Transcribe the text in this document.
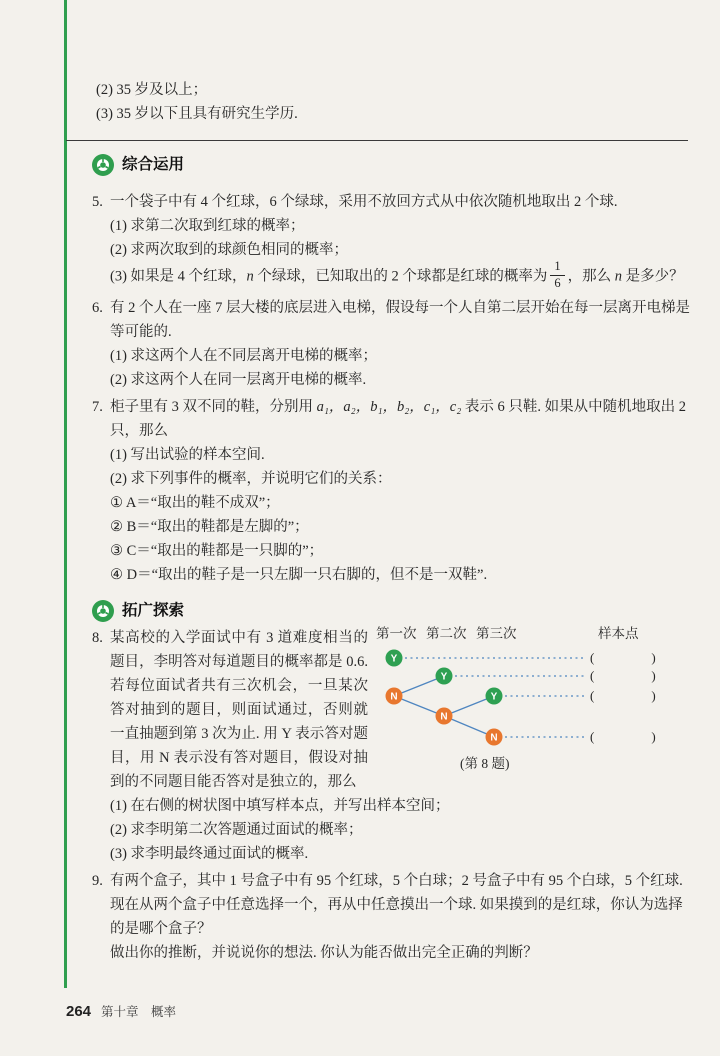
(2) 35 岁及以上；
(3) 35 岁以下且具有研究生学历.
综合运用
5. 一个袋子中有 4 个红球，6 个绿球，采用不放回方式从中依次随机地取出 2 个球.
(1) 求第二次取到红球的概率；
(2) 求两次取到的球颜色相同的概率；
(3) 如果是 4 个红球，n 个绿球，已知取出的 2 个球都是红球的概率为 $\frac{1}{6}$ ，那么 n 是多少？
6. 有 2 个人在一座 7 层大楼的底层进入电梯，假设每一个人自第二层开始在每一层离开电梯是等可能的.
(1) 求这两个人在不同层离开电梯的概率；
(2) 求这两个人在同一层离开电梯的概率.
7. 柜子里有 3 双不同的鞋，分别用 a₁，a₂，b₁，b₂，c₁，c₂ 表示 6 只鞋. 如果从中随机地取出 2 只，那么
(1) 写出试验的样本空间.
(2) 求下列事件的概率，并说明它们的关系：
① A＝“取出的鞋不成双”；
② B＝“取出的鞋都是左脚的”；
③ C＝“取出的鞋都是一只脚的”；
④ D＝“取出的鞋子是一只左脚一只右脚的，但不是一双鞋”.
拓广探索
8. 某高校的入学面试中有 3 道难度相当的题目，李明答对每道题目的概率都是 0.6. 若每位面试者共有三次机会，一旦某次答对抽到的题目，则面试通过，否则就一直抽题到第 3 次为止. 用 Y 表示答对题目，用 N 表示没有答对题目，假设对抽到的不同题目能否答对是独立的，那么
第一次 第二次 第三次	样本点
Y
N
Y
N
Y
N
(　　　　)
(　　　　)
(　　　　)
(　　　　)
(第 8 题)
(1) 在右侧的树状图中填写样本点，并写出样本空间；
(2) 求李明第二次答题通过面试的概率；
(3) 求李明最终通过面试的概率.
9. 有两个盒子，其中 1 号盒子中有 95 个红球，5 个白球；2 号盒子中有 95 个白球，5 个红球. 现在从两个盒子中任意选择一个，再从中任意摸出一个球. 如果摸到的是红球，你认为选择的是哪个盒子？
做出你的推断，并说说你的想法. 你认为能否做出完全正确的判断？
264 第十章　概率
